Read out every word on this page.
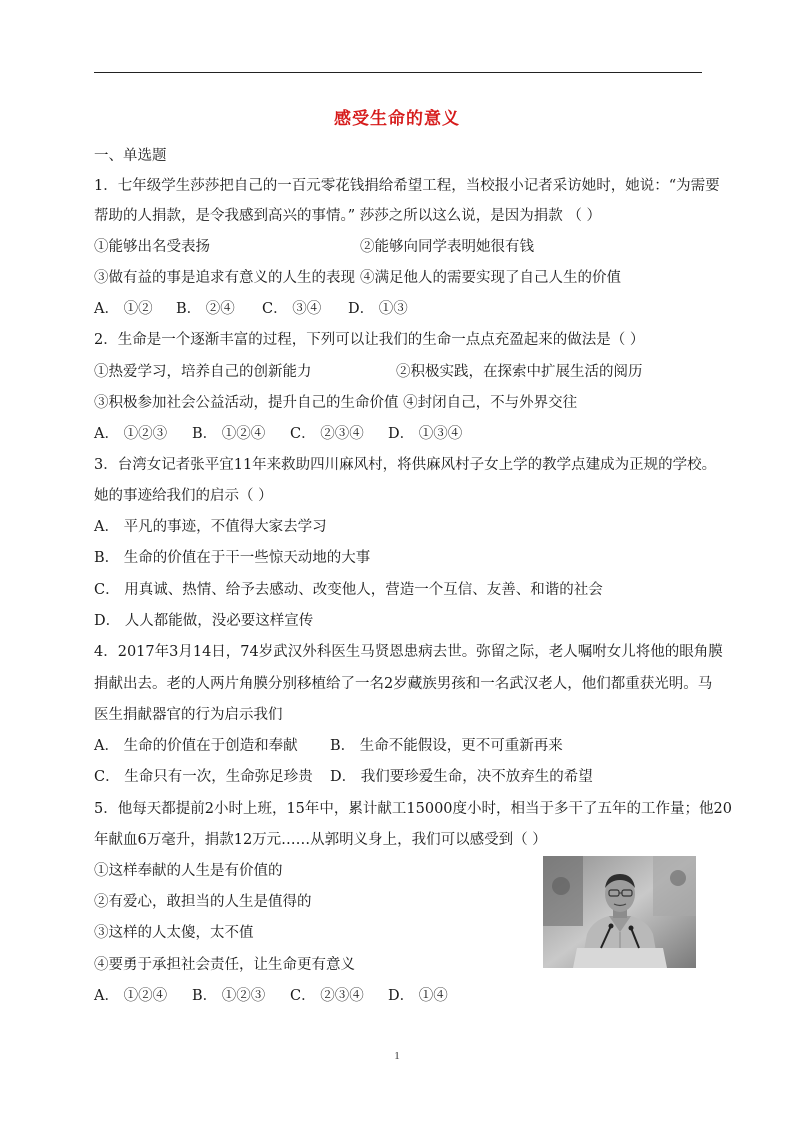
感受生命的意义
一、单选题
1．七年级学生莎莎把自己的一百元零花钱捐给希望工程，当校报小记者采访她时，她说：“为需要
帮助的人捐款，是令我感到高兴的事情。” 莎莎之所以这么说，是因为捐款 （ ）
①能够出名受表扬	②能够向同学表明她很有钱
③做有益的事是追求有意义的人生的表现 ④满足他人的需要实现了自己人生的价值
A． ①② B． ②④ C． ③④ D． ①③
2．生命是一个逐渐丰富的过程，下列可以让我们的生命一点点充盈起来的做法是（ ）
①热爱学习，培养自己的创新能力	②积极实践，在探索中扩展生活的阅历
③积极参加社会公益活动，提升自己的生命价值 ④封闭自己，不与外界交往
A． ①②③ B． ①②④ C． ②③④ D． ①③④
3．台湾女记者张平宜11年来救助四川麻风村，将供麻风村子女上学的教学点建成为正规的学校。
她的事迹给我们的启示（ ）
A． 平凡的事迹，不值得大家去学习
B． 生命的价值在于干一些惊天动地的大事
C． 用真诚、热情、给予去感动、改变他人，营造一个互信、友善、和谐的社会
D． 人人都能做，没必要这样宣传
4．2017年3月14日，74岁武汉外科医生马贤恩患病去世。弥留之际，老人嘱咐女儿将他的眼角膜
捐献出去。老的人两片角膜分别移植给了一名2岁藏族男孩和一名武汉老人，他们都重获光明。马
医生捐献器官的行为启示我们
A． 生命的价值在于创造和奉献 B． 生命不能假设，更不可重新再来
C． 生命只有一次，生命弥足珍贵 D． 我们要珍爱生命，决不放弃生的希望
5．他每天都提前2小时上班，15年中，累计献工15000度小时，相当于多干了五年的工作量；他20
年献血6万毫升，捐款12万元……从郭明义身上，我们可以感受到（ ）
①这样奉献的人生是有价值的
②有爱心，敢担当的人生是值得的
③这样的人太傻，太不值
④要勇于承担社会责任，让生命更有意义
A． ①②④ B． ①②③ C． ②③④ D． ①④
1
